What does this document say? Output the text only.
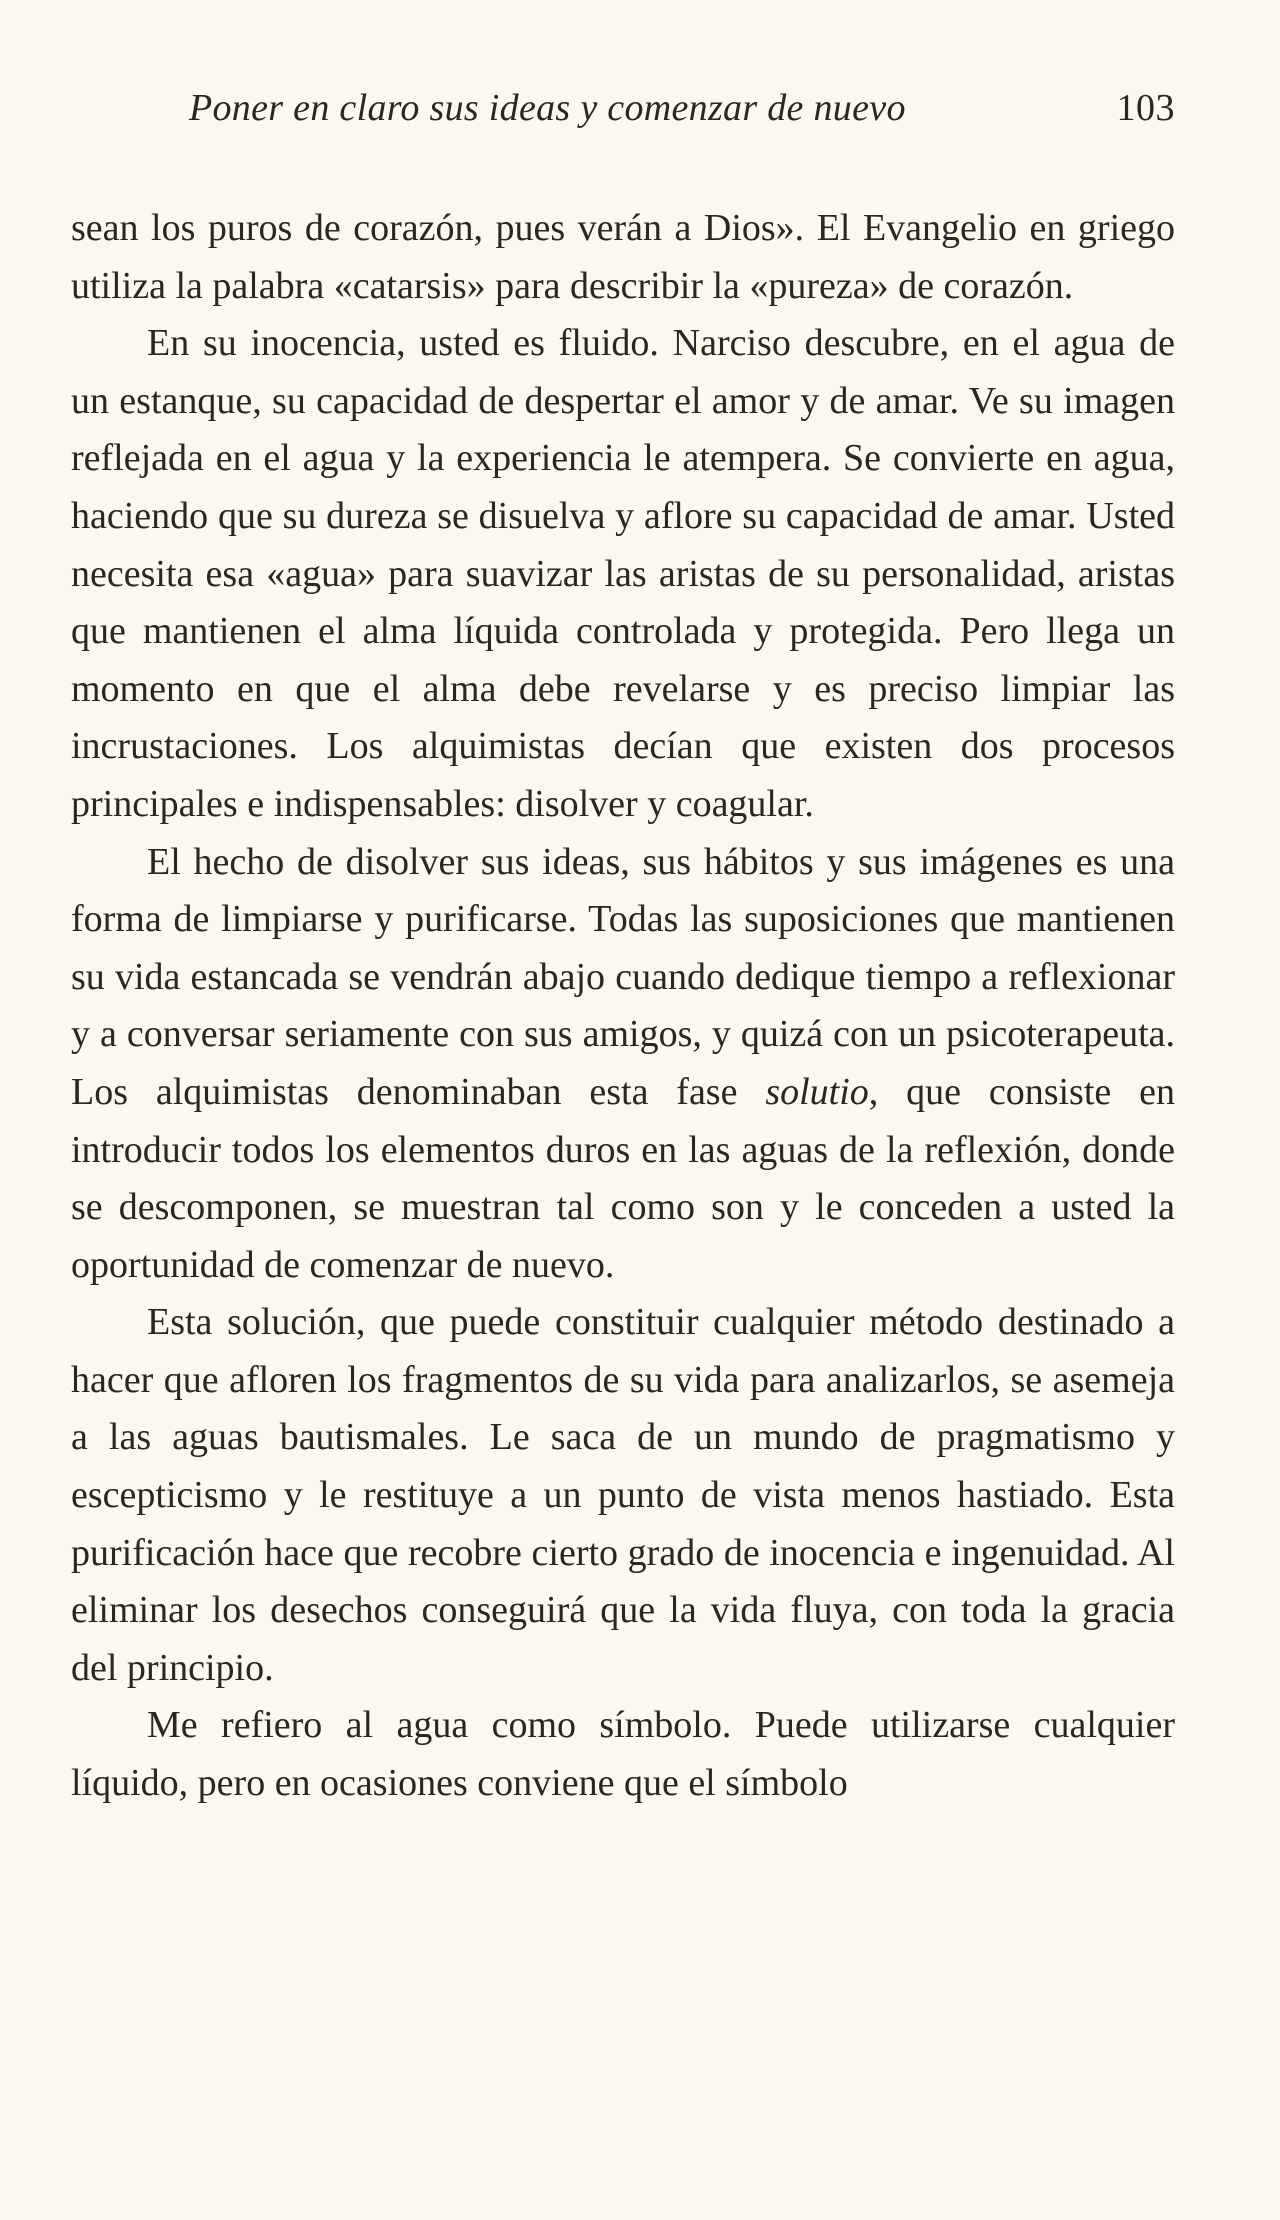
Poner en claro sus ideas y comenzar de nuevo	103

sean los puros de corazón, pues verán a Dios». El Evangelio en griego utiliza la palabra «catarsis» para describir la «pureza» de corazón.

En su inocencia, usted es fluido. Narciso descubre, en el agua de un estanque, su capacidad de despertar el amor y de amar. Ve su imagen reflejada en el agua y la experiencia le atempera. Se convierte en agua, haciendo que su dureza se disuelva y aflore su capacidad de amar. Usted necesita esa «agua» para suavizar las aristas de su personalidad, aristas que mantienen el alma líquida controlada y protegida. Pero llega un momento en que el alma debe revelarse y es preciso limpiar las incrustaciones. Los alquimistas decían que existen dos procesos principales e indispensables: disolver y coagular.

El hecho de disolver sus ideas, sus hábitos y sus imágenes es una forma de limpiarse y purificarse. Todas las suposiciones que mantienen su vida estancada se vendrán abajo cuando dedique tiempo a reflexionar y a conversar seriamente con sus amigos, y quizá con un psicoterapeuta. Los alquimistas denominaban esta fase solutio, que consiste en introducir todos los elementos duros en las aguas de la reflexión, donde se descomponen, se muestran tal como son y le conceden a usted la oportunidad de comenzar de nuevo.

Esta solución, que puede constituir cualquier método destinado a hacer que afloren los fragmentos de su vida para analizarlos, se asemeja a las aguas bautismales. Le saca de un mundo de pragmatismo y escepticismo y le restituye a un punto de vista menos hastiado. Esta purificación hace que recobre cierto grado de inocencia e ingenuidad. Al eliminar los desechos conseguirá que la vida fluya, con toda la gracia del principio.

Me refiero al agua como símbolo. Puede utilizarse cualquier líquido, pero en ocasiones conviene que el símbolo
